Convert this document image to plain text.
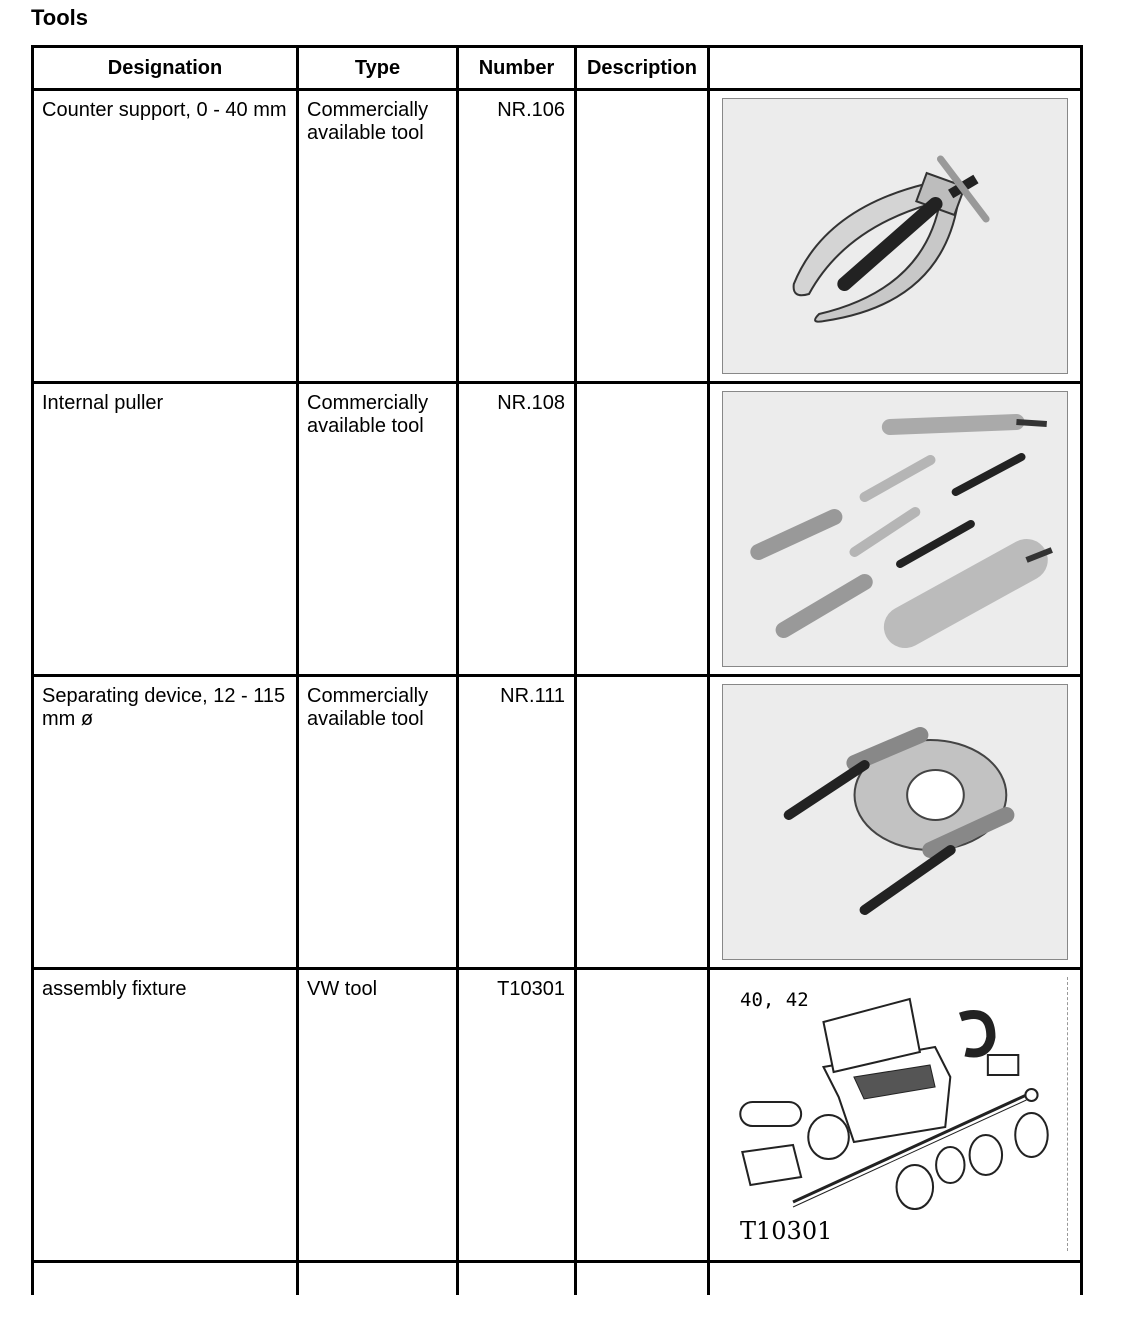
Tools
Designation	Type	Number	Description	

Counter support, 0 - 40 mm	Commercially available tool	NR.106

Internal puller	Commercially available tool	NR.108

Separating device, 12 - 115 mm ø	Commercially available tool	NR.111

assembly fixture	VW tool	T10301		40, 42
T10301
